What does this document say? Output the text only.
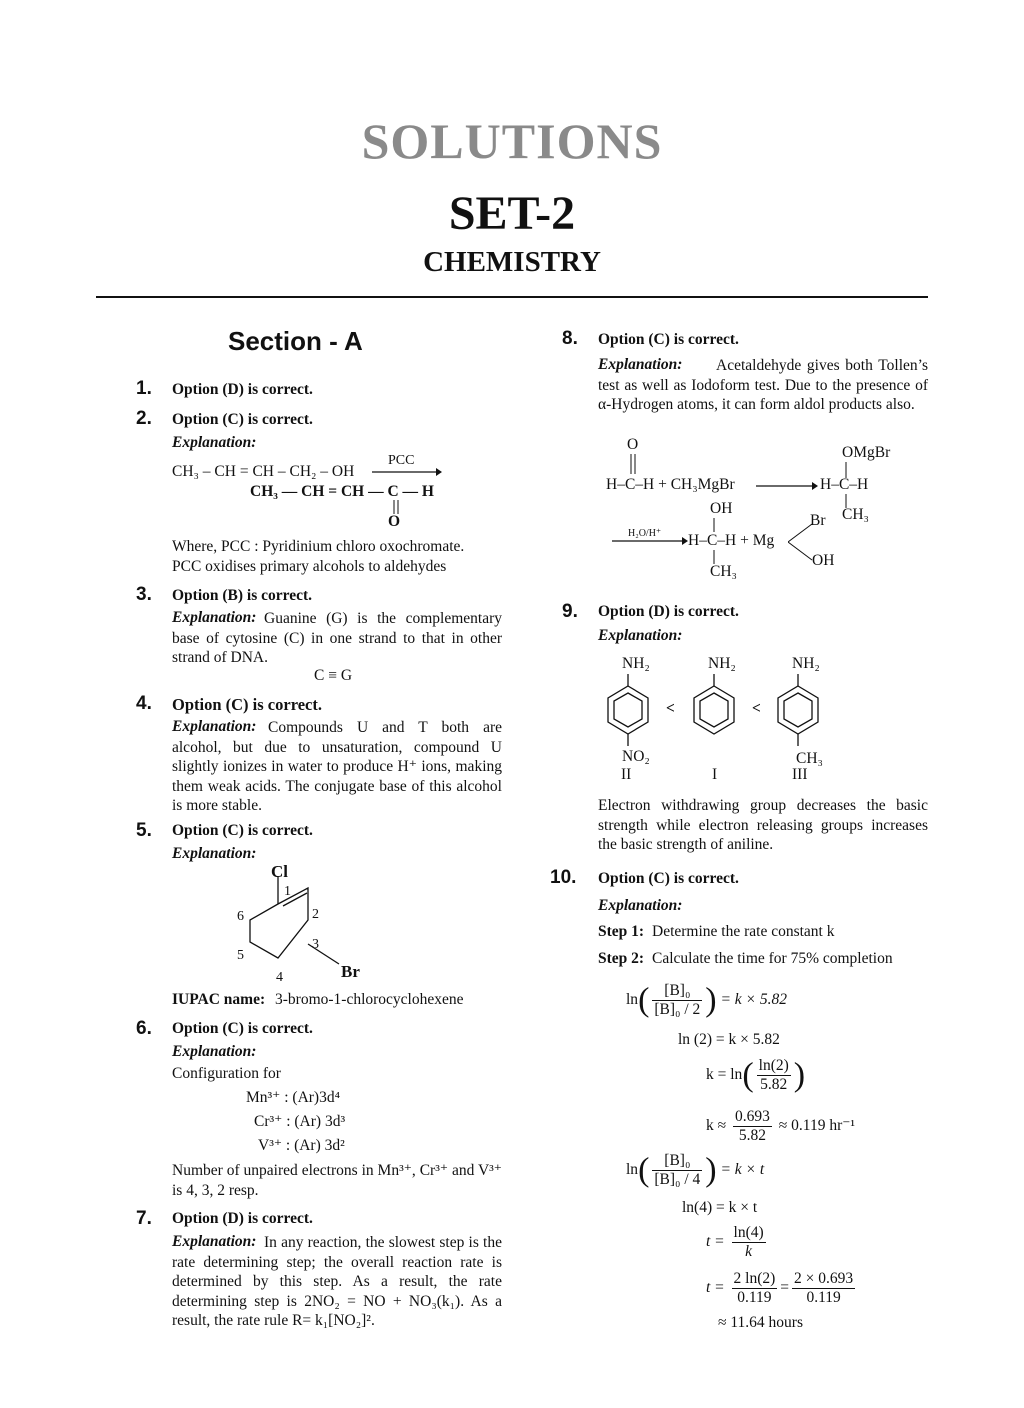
SOLUTIONS
SET-2
CHEMISTRY
Section - A
1. Option (D) is correct.
2. Option (C) is correct.
Explanation:
CH₃ – CH = CH – CH₂ – OH
PCC
CH₃ — CH = CH — C — H
O
Where, PCC : Pyridinium chloro oxochromate.
PCC oxidises primary alcohols to aldehydes
3. Option (B) is correct.
Guanine (G) is the complementary base of cytosine (C) in one strand to that in other strand of DNA.
Explanation:
C ≡ G
4. Option (C) is correct.
Compounds U and T both are alcohol, but due to unsaturation, compound U slightly ionizes in water to produce H⁺ ions, making them weak acids. The conjugate base of this alcohol is more stable.
Explanation:
5. Option (C) is correct.
Explanation:
Cl
1
2
3
4
5
6
Br
IUPAC name: 3-bromo-1-chlorocyclohexene
6. Option (C) is correct.
Explanation:
Configuration for
Mn³⁺ : (Ar)3d⁴
Cr³⁺ : (Ar) 3d³
V³⁺ : (Ar) 3d²
Number of unpaired electrons in Mn³⁺, Cr³⁺ and V³⁺ is 4, 3, 2 resp.
7. Option (D) is correct.
In any reaction, the slowest step is the rate determining step; the overall reaction rate is determined by this step. As a result, the rate determining step is 2NO₂ = NO + NO₃(k₁). As a result, the rate rule R= k₁[NO₂]².
Explanation:
8. Option (C) is correct.
Acetaldehyde gives both Tollen’s test as well as Iodoform test. Due to the presence of α-Hydrogen atoms, it can form aldol products also.
Explanation:
O
H–C–H + CH₃MgBr
OMgBr
H–C–H
CH₃
H₂O/H⁺
OH
H–C–H + Mg
CH₃
Br
OH
9. Option (D) is correct.
Explanation:
NH₂	NH₂	NH₂
<	<
NO₂	CH₃
II	I	III
Electron withdrawing group decreases the basic strength while electron releasing groups increases the basic strength of aniline.
10. Option (C) is correct.
Explanation:
Step 1: Determine the rate constant k
Step 2: Calculate the time for 75% completion
$\ln( \frac{\text{[B]₀}}{\text{[B]₀ / 2}}$ ) = k × 5.82
ln (2) = k × 5.82
$k = \ln( \frac{\ln(2)}{5.82}$ )
$k \approx \frac{0.693}{5.82} \approx 0.119$ hr⁻¹
$\ln( \frac{\text{[B]₀}}{\text{[B]₀ / 4}}$ ) = k × t
ln(4) = k × t
$t = \frac{\ln(4)}{k}$
$t = \frac{2 \ln(2)}{0.119} = \frac{2 \times 0.693}{0.119}$
≈ 11.64 hours
